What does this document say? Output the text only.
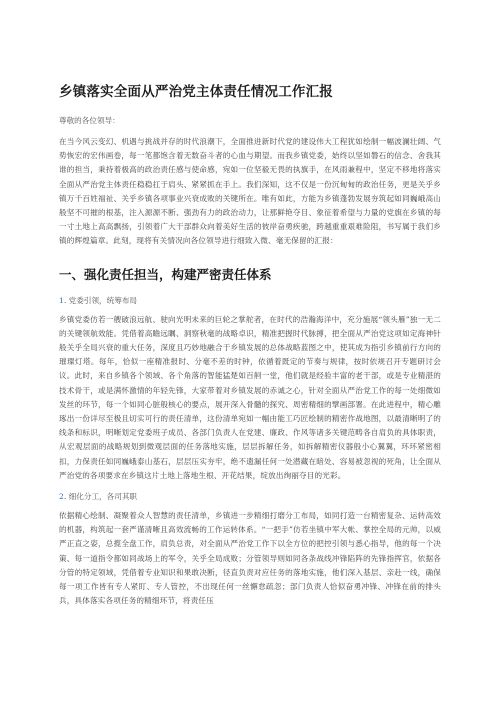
乡镇落实全面从严治党主体责任情况工作汇报

尊敬的各位领导：

在当今风云变幻、机遇与挑战并存的时代浪潮下，全面推进新时代党的建设伟大工程犹如绘制一幅波澜壮阔、气势恢宏的宏伟画卷，每一笔都饱含着无数奋斗者的心血与期望。而我乡镇党委，始终以坚如磐石的信念、舍我其谁的担当，秉持着极高的政治责任感与使命感，宛如一位坚毅无畏的执旗手，在风雨兼程中，坚定不移地将落实全面从严治党主体责任稳稳扛于肩头、紧紧抓在手上。我们深知，这不仅是一份沉甸甸的政治任务，更是关乎乡镇万千百姓福祉、关乎乡镇各项事业兴衰成败的关键所在。唯有如此，方能为乡镇蓬勃发展夯筑起如同巍峨高山般坚不可摧的根基，注入源源不断、强劲有力的政治动力，让那鲜艳夺目、象征着希望与力量的党旗在乡镇的每一寸土地上高高飘扬，引领着广大干部群众向着美好生活的彼岸奋勇疾驰，跨越重重艰难险阻，书写属于我们乡镇的辉煌篇章。此刻，现将有关情况向各位领导进行细致入微、毫无保留的汇报：

一、强化责任担当，构建严密责任体系
1. 党委引领，统筹布局

乡镇党委仿若一艘破浪远航、驶向光明未来的巨轮之掌舵者，在时代的浩瀚海洋中，充分施展“领头雁”独一无二的关键领航效能。凭借着高瞻远瞩、洞察秋毫的战略卓识，精准把握时代脉搏，把全面从严治党这项如定海神针般关乎全局兴衰的重大任务，深度且巧妙地融合于乡镇发展的总体战略蓝图之中，使其成为指引乡镇前行方向的璀璨灯塔。每年，恰似一座精准报时、分毫不差的时钟，依循着既定的节奏与规律，按时依规召开专题研讨会议。此时，来自乡镇各个领域、各个角落的智能猛楚如百舸一堂，他们就是经验丰富的老干部，或是专业精湛的技术骨干，或是满怀激情的年轻先锋，大家带着对乡镇发展的赤诚之心，针对全面从严治党工作的每一处细微如发丝的环节，每一个如同心脏般核心的要点，展开深入骨髓的探究、周密精细的擘画部署。在此进程中，精心雕琢出一份详尽至极且切实可行的责任清单，这份清单宛如一幅由能工巧匠绘制的精密作战地图，以最清晰明了的线条和标识，明晰划定党委班子成员、各部门负责人在党建、廉政、作风等诸多关键范畴各自肩负的具体职责，从宏观层面的战略规划到微观层面的任务落地实施，层层拆解任务，如拆解精密仪器般小心翼翼，环环紧密相扣，力保责任如同巍峨泰山基石，层层压实夯牢，绝不遗漏任何一处潜藏在暗处、容易被忽视的死角，让全面从严治党的各项要求在乡镇这片土地上落地生根、开花结果，绽放出绚丽夺目的光彩。

2. 细化分工，各司其职

依据精心绘制、凝聚着众人智慧的责任清单，乡镇进一步精细打磨分工布局，如同打造一台精密复杂、运转高效的机器，构筑起一套严谨清晰且高效流畅的工作运转体系。“一把手”仿若坐镇中军大帐、掌控全局的元帅，以威严正直之姿，总揽全盘工作，肩负总责，对全面从严治党工作下以全方位的把控引领与悉心指导，他的每一个决策、每一道指令都如同战场上的军令，关乎全局成败；分管领导则如同各条战线冲锋陷阵的先锋指挥官，依据各分管的特定领域，凭借着专业知识和果敢决断，径直负责对应任务的落地实施，他们深入基层、亲赴一线，确保每一项工作皆有专人紧盯、专人管控，不出现任何一丝懈怠疏忽；部门负责人恰似奋勇冲锋、冲锋在前的排头兵，具体落实各项任务的精细环节，将责任压
